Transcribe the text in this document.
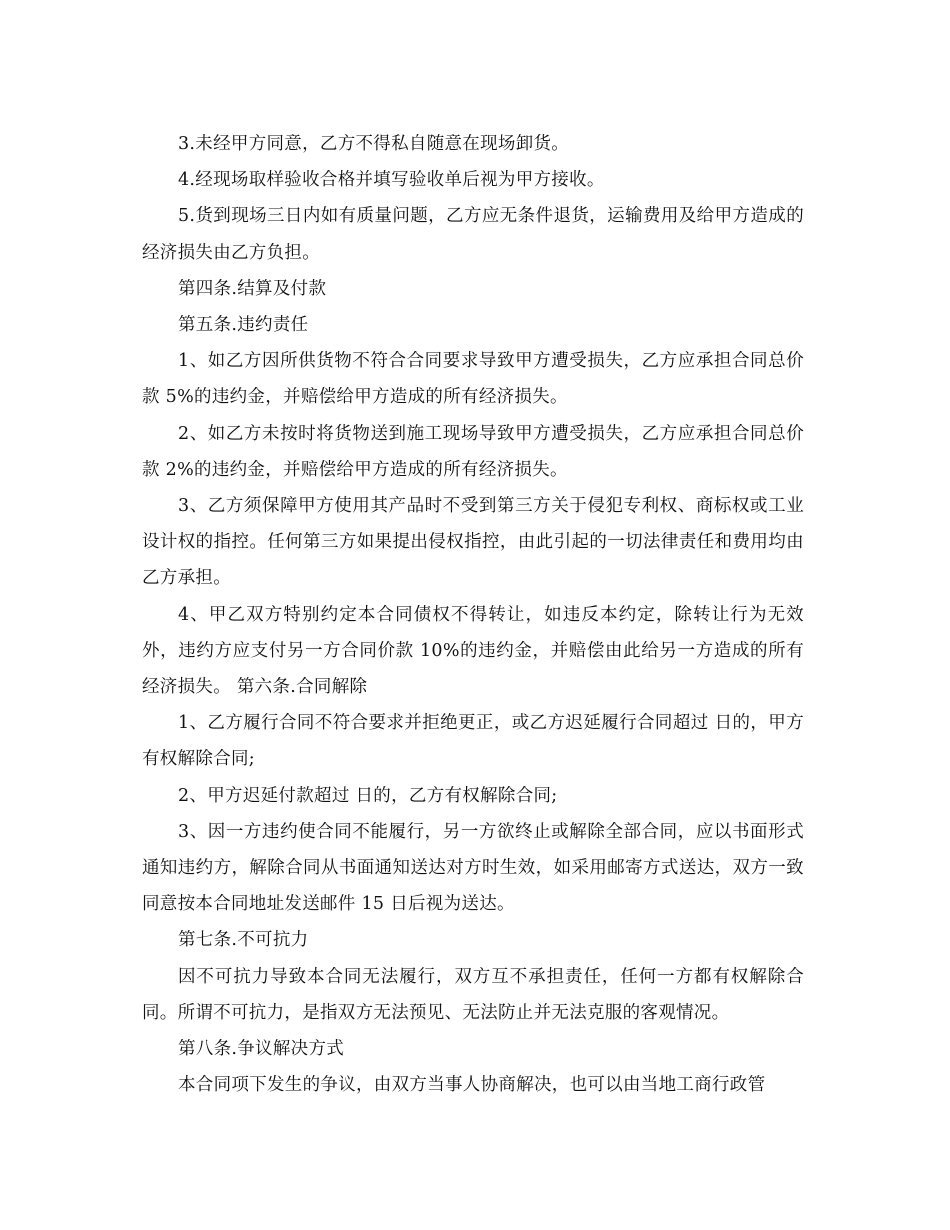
3.未经甲方同意，乙方不得私自随意在现场卸货。

4.经现场取样验收合格并填写验收单后视为甲方接收。

5.货到现场三日内如有质量问题，乙方应无条件退货，运输费用及给甲方造成的经济损失由乙方负担。

第四条.结算及付款

第五条.违约责任

1、如乙方因所供货物不符合合同要求导致甲方遭受损失，乙方应承担合同总价款 5%的违约金，并赔偿给甲方造成的所有经济损失。

2、如乙方未按时将货物送到施工现场导致甲方遭受损失，乙方应承担合同总价款 2%的违约金，并赔偿给甲方造成的所有经济损失。

3、乙方须保障甲方使用其产品时不受到第三方关于侵犯专利权、商标权或工业设计权的指控。任何第三方如果提出侵权指控，由此引起的一切法律责任和费用均由乙方承担。

4、甲乙双方特别约定本合同债权不得转让，如违反本约定，除转让行为无效外，违约方应支付另一方合同价款 10%的违约金，并赔偿由此给另一方造成的所有经济损失。 第六条.合同解除

1、乙方履行合同不符合要求并拒绝更正，或乙方迟延履行合同超过 日的，甲方有权解除合同;

2、甲方迟延付款超过 日的，乙方有权解除合同;

3、因一方违约使合同不能履行，另一方欲终止或解除全部合同，应以书面形式通知违约方，解除合同从书面通知送达对方时生效，如采用邮寄方式送达，双方一致同意按本合同地址发送邮件 15 日后视为送达。

第七条.不可抗力

因不可抗力导致本合同无法履行，双方互不承担责任，任何一方都有权解除合同。所谓不可抗力，是指双方无法预见、无法防止并无法克服的客观情况。

第八条.争议解决方式

本合同项下发生的争议，由双方当事人协商解决，也可以由当地工商行政管
